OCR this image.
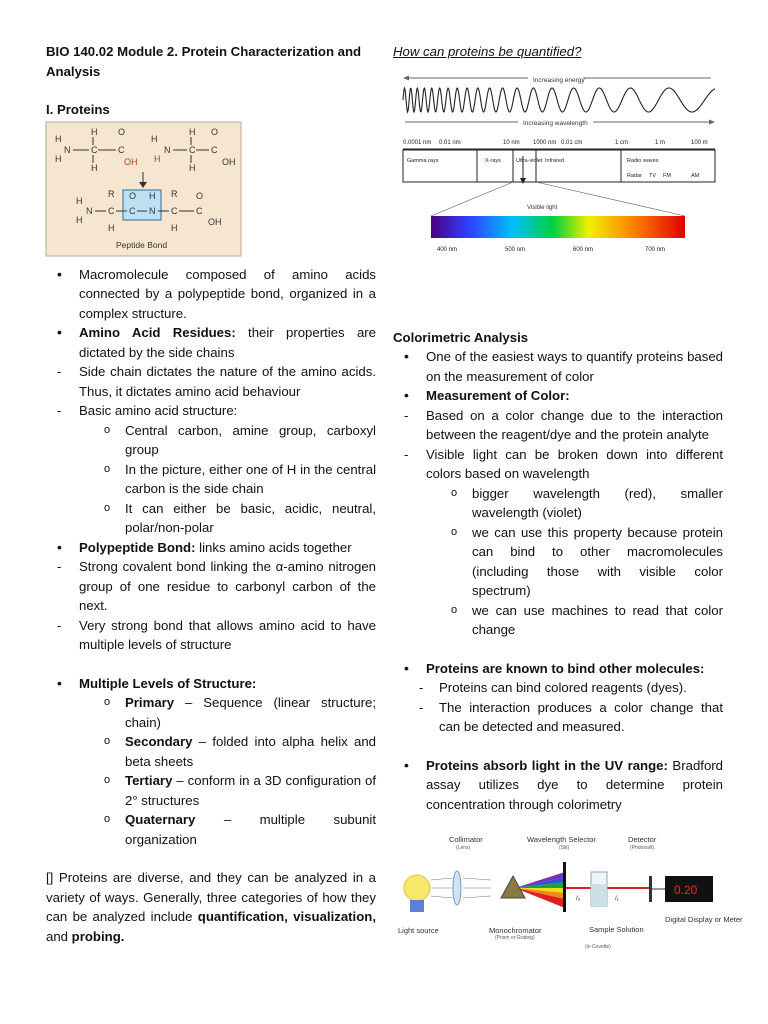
BIO 140.02 Module 2. Protein Characterization and Analysis
I. Proteins
H
H
N
H
C
H
O
C
OH
H
N
H
H
C
H
O
C
OH
H
H
N
R
C
H
O
C
H
N
R
C
H
O
C
OH
Peptide Bond
• Macromolecule composed of amino acids connected by a polypeptide bond, organized in a complex structure.
• Amino Acid Residues: their properties are dictated by the side chains
- Side chain dictates the nature of the amino acids. Thus, it dictates amino acid behaviour
- Basic amino acid structure:
o Central carbon, amine group, carboxyl group
o In the picture, either one of H in the central carbon is the side chain
o It can either be basic, acidic, neutral, polar/non-polar
• Polypeptide Bond: links amino acids together
- Strong covalent bond linking the α-amino nitrogen group of one residue to carbonyl carbon of the next.
- Very strong bond that allows amino acid to have multiple levels of structure
• Multiple Levels of Structure:
o Primary – Sequence (linear structure; chain)
o Secondary – folded into alpha helix and beta sheets
o Tertiary – conform in a 3D configuration of 2° structures
o Quaternary – multiple subunit organization

[] Proteins are diverse, and they can be analyzed in a variety of ways. Generally, three categories of how they can be analyzed include quantification, visualization, and probing.

How can proteins be quantified?
Increasing energy
Increasing wavelength
0.0001 nm 0.01 nm	10 nm 1000 nm 0.01 cm	1 cm	1 m	100 m
Gamma rays	X-rays	Ultra-violet Infrared	Radio waves
Radar TV FM	AM
Visible light
400 nm	500 nm	600 nm	700 nm
Colorimetric Analysis
• One of the easiest ways to quantify proteins based on the measurement of color
• Measurement of Color:
- Based on a color change due to the interaction between the reagent/dye and the protein analyte
- Visible light can be broken down into different colors based on wavelength
o bigger wavelength (red), smaller wavelength (violet)
o we can use this property because protein can bind to other macromolecules (including those with visible color spectrum)
o we can use machines to read that color change
• Proteins are known to bind other molecules:
- Proteins can bind colored reagents (dyes).
- The interaction produces a color change that can be detected and measured.
• Proteins absorb light in the UV range: Bradford assay utilizes dye to determine protein concentration through colorimetry
Collimator
(Lens)
Wavelength Selector
(Slit)
Detector
(Photocell)
I₀	I₁
0.20
Light source	Monochromator
(Prism or Grating)
Sample Solution
(in Cuvette)
Digital Display or Meter
